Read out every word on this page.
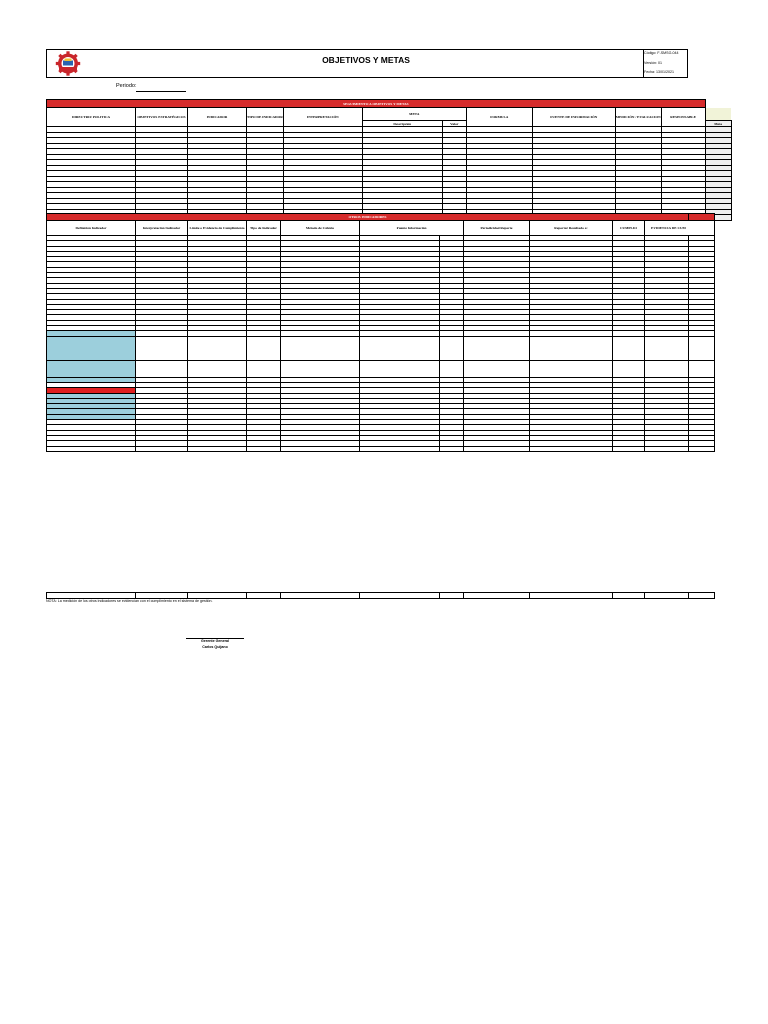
OBJETIVOS Y METAS
Código: F-SMSG-044
Versión: 01
Fecha: 13/01/2021
Periodo:
SEGUIMIENTO A OBJETIVOS Y METAS											
DIRECTRIZ POLITICA	OBJETIVOS ESTRATÉGICOS	INDICADOR	TIPO DE INDICADOR	INTERPRETACIÓN	META		FORMULA	FUENTE DE INFORMACIÓN	MEDICIÓN / EVALUACION	RESPONSABLE	
					Descripción	Valor					Meta

OTROS INDICADORES											
Definición Indicador	Interpretación Indicador	Límite o Evidencia de Cumplimiento	Tipo de Indicador	Método de Cálculo	Fuente Información		Periodicidad Reporte	Reportar Resultado a:	CUMPLIO	EVIDENCIA DE CUM	

NOTA: La medición de los otros indicadores se evidencian con el cumplimiento en el sistema de gestión.
Gerente General
Carlos Quijano
